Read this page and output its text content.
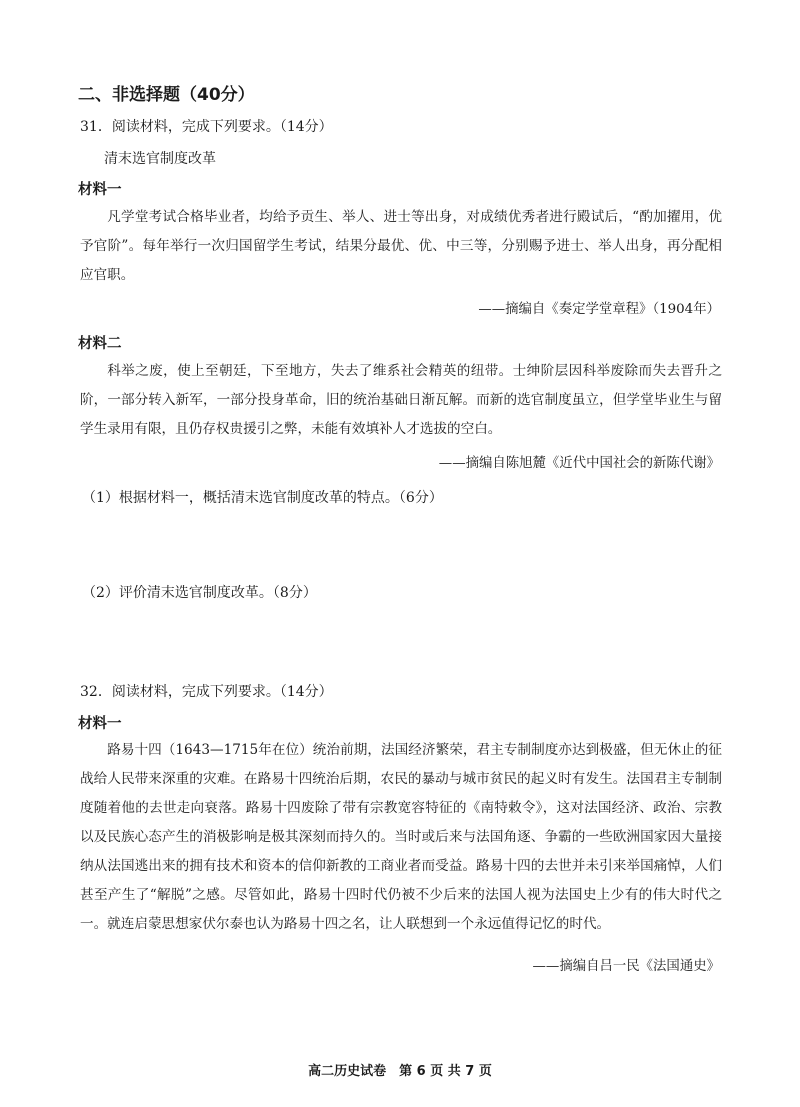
二、非选择题（40分）

31．阅读材料，完成下列要求。（14分）

清末选官制度改革

材料一

凡学堂考试合格毕业者，均给予贡生、举人、进士等出身，对成绩优秀者进行殿试后，“酌加擢用，优予官阶”。每年举行一次归国留学生考试，结果分最优、优、中三等，分别赐予进士、举人出身，再分配相应官职。

——摘编自《奏定学堂章程》（1904年）

材料二

科举之废，使上至朝廷，下至地方，失去了维系社会精英的纽带。士绅阶层因科举废除而失去晋升之阶，一部分转入新军，一部分投身革命，旧的统治基础日渐瓦解。而新的选官制度虽立，但学堂毕业生与留学生录用有限，且仍存权贵援引之弊，未能有效填补人才选拔的空白。

——摘编自陈旭麓《近代中国社会的新陈代谢》

（1）根据材料一，概括清末选官制度改革的特点。（6分）

（2）评价清末选官制度改革。（8分）

32．阅读材料，完成下列要求。（14分）

材料一

路易十四（1643—1715年在位）统治前期，法国经济繁荣，君主专制制度亦达到极盛，但无休止的征战给人民带来深重的灾难。在路易十四统治后期，农民的暴动与城市贫民的起义时有发生。法国君主专制制度随着他的去世走向衰落。路易十四废除了带有宗教宽容特征的《南特敕令》，这对法国经济、政治、宗教以及民族心态产生的消极影响是极其深刻而持久的。当时或后来与法国角逐、争霸的一些欧洲国家因大量接纳从法国逃出来的拥有技术和资本的信仰新教的工商业者而受益。路易十四的去世并未引来举国痛悼，人们甚至产生了“解脱”之感。尽管如此，路易十四时代仍被不少后来的法国人视为法国史上少有的伟大时代之一。就连启蒙思想家伏尔泰也认为路易十四之名，让人联想到一个永远值得记忆的时代。

——摘编自吕一民《法国通史》

高二历史试卷　第 6 页 共 7 页
